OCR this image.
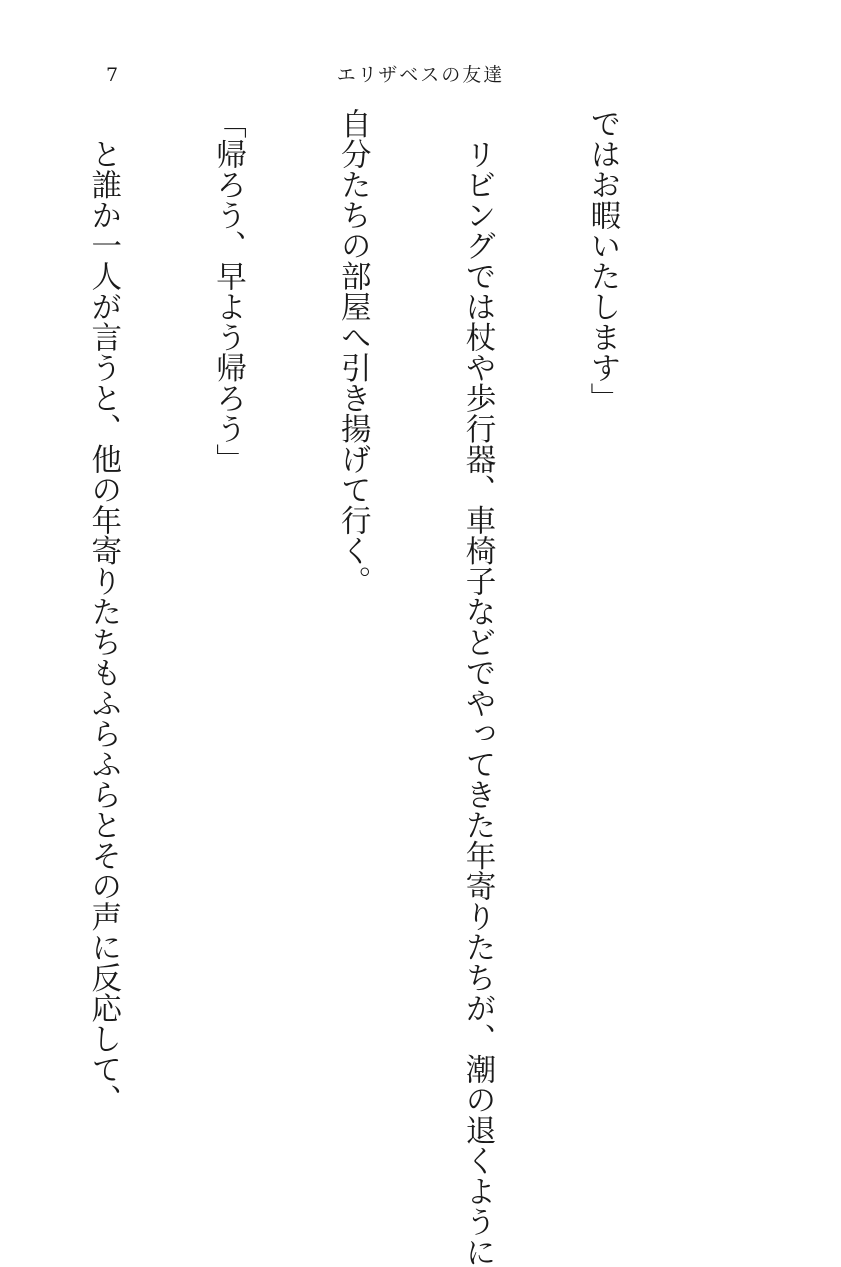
7	エリザベスの友達

ではお暇いたします」

　リビングでは杖や歩行器、車椅子などでやってきた年寄りたちが、潮の退くように

自分たちの部屋へ引き揚げて行く。

「帰ろう、早よう帰ろう」

　と誰か一人が言うと、他の年寄りたちもふらふらとその声に反応して、
